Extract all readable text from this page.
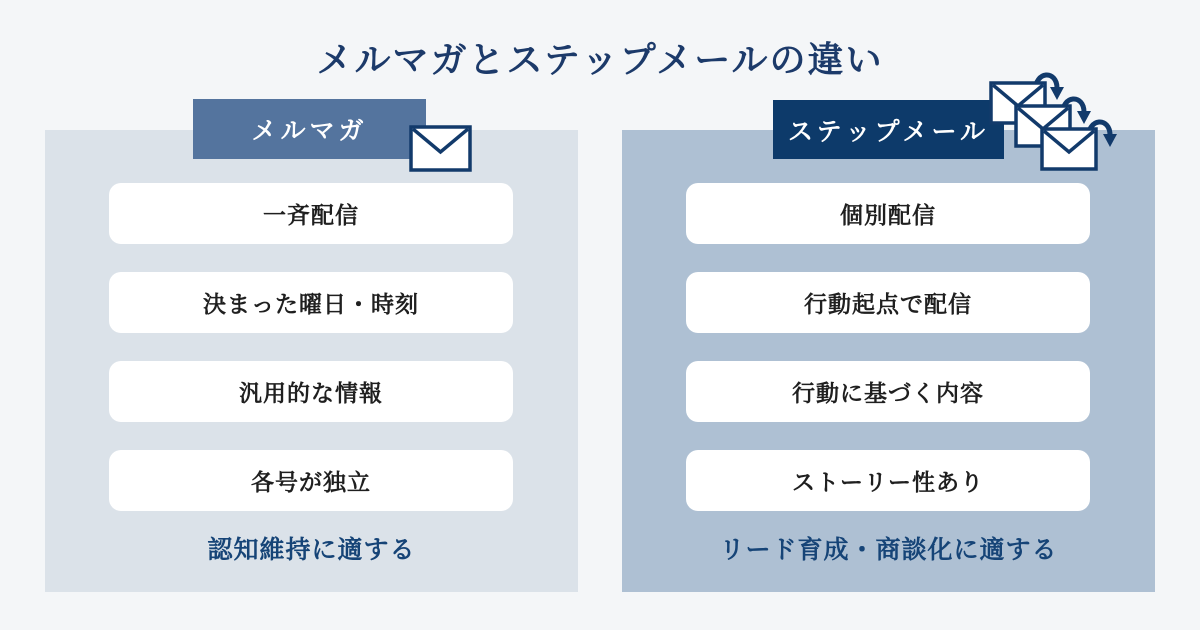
メルマガとステップメールの違い
メルマガ
一斉配信
決まった曜日・時刻
汎用的な情報
各号が独立
認知維持に適する
ステップメール
個別配信
行動起点で配信
行動に基づく内容
ストーリー性あり
リード育成・商談化に適する
